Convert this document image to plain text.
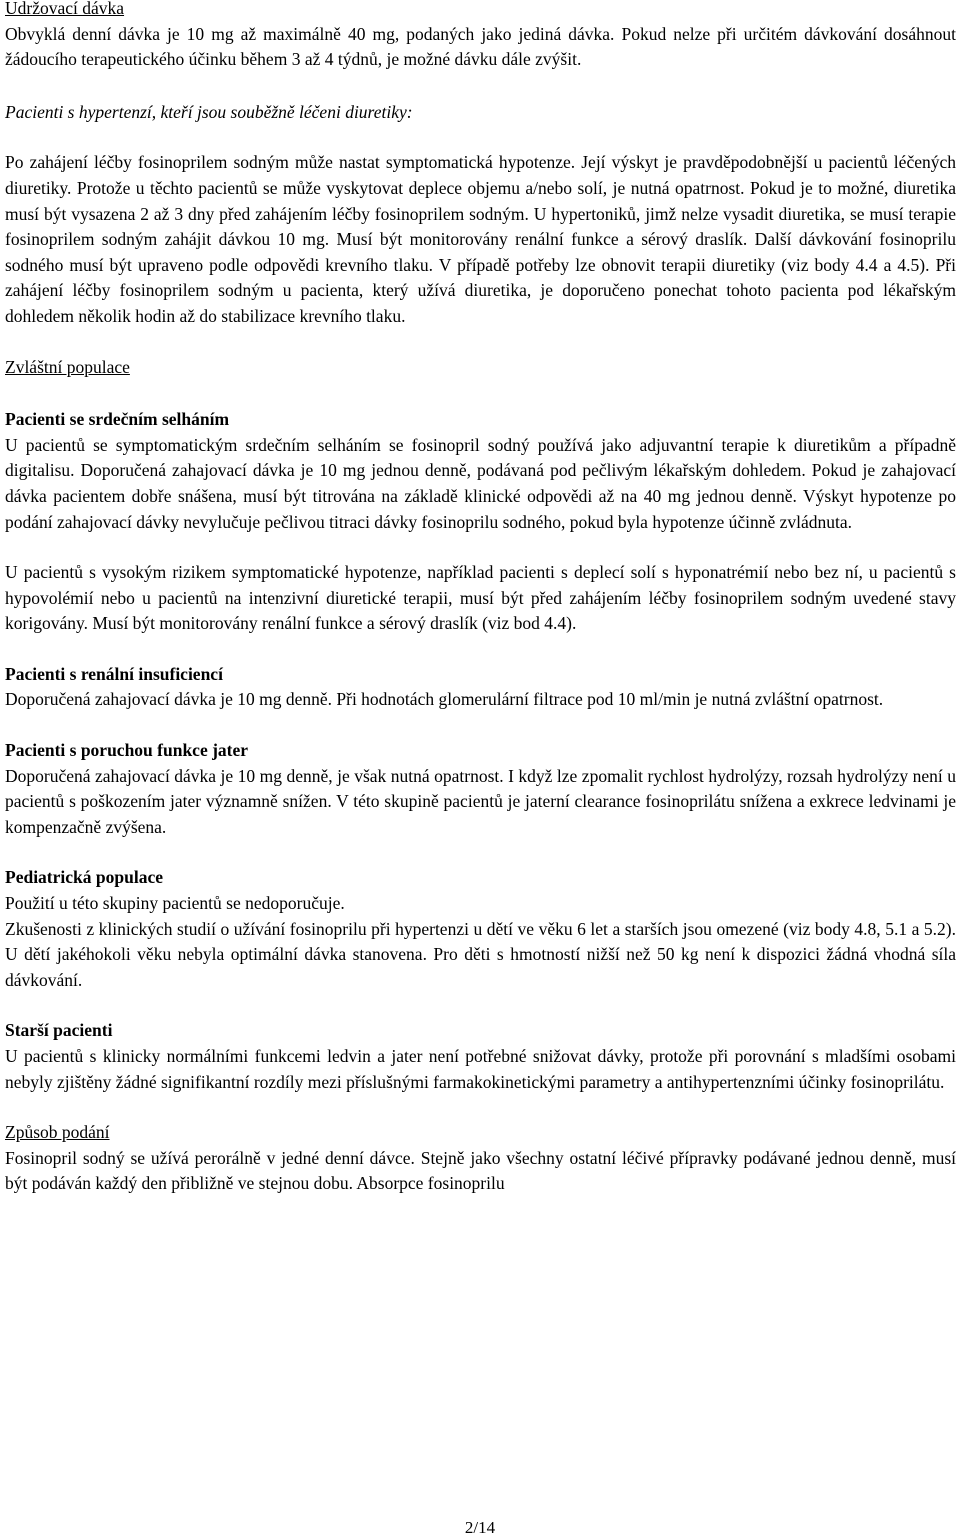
Udržovací dávka

Obvyklá denní dávka je 10 mg až maximálně 40 mg, podaných jako jediná dávka. Pokud nelze při určitém dávkování dosáhnout žádoucího terapeutického účinku během 3 až 4 týdnů, je možné dávku dále zvýšit.

Pacienti s hypertenzí, kteří jsou souběžně léčeni diuretiky:

Po zahájení léčby fosinoprilem sodným může nastat symptomatická hypotenze. Její výskyt je pravděpodobnější u pacientů léčených diuretiky. Protože u těchto pacientů se může vyskytovat deplece objemu a/nebo solí, je nutná opatrnost. Pokud je to možné, diuretika musí být vysazena 2 až 3 dny před zahájením léčby fosinoprilem sodným. U hypertoniků, jimž nelze vysadit diuretika, se musí terapie fosinoprilem sodným zahájit dávkou 10 mg. Musí být monitorovány renální funkce a sérový draslík. Další dávkování fosinoprilu sodného musí být upraveno podle odpovědi krevního tlaku. V případě potřeby lze obnovit terapii diuretiky (viz body 4.4 a 4.5). Při zahájení léčby fosinoprilem sodným u pacienta, který užívá diuretika, je doporučeno ponechat tohoto pacienta pod lékařským dohledem několik hodin až do stabilizace krevního tlaku.

Zvláštní populace

Pacienti se srdečním selháním

U pacientů se symptomatickým srdečním selháním se fosinopril sodný používá jako adjuvantní terapie k diuretikům a případně digitalisu. Doporučená zahajovací dávka je 10 mg jednou denně, podávaná pod pečlivým lékařským dohledem. Pokud je zahajovací dávka pacientem dobře snášena, musí být titrována na základě klinické odpovědi až na 40 mg jednou denně. Výskyt hypotenze po podání zahajovací dávky nevylučuje pečlivou titraci dávky fosinoprilu sodného, pokud byla hypotenze účinně zvládnuta.

U pacientů s vysokým rizikem symptomatické hypotenze, například pacienti s deplecí solí s hyponatrémií nebo bez ní, u pacientů s hypovolémií nebo u pacientů na intenzivní diuretické terapii, musí být před zahájením léčby fosinoprilem sodným uvedené stavy korigovány. Musí být monitorovány renální funkce a sérový draslík (viz bod 4.4).

Pacienti s renální insuficiencí

Doporučená zahajovací dávka je 10 mg denně. Při hodnotách glomerulární filtrace pod 10 ml/min je nutná zvláštní opatrnost.

Pacienti s poruchou funkce jater

Doporučená zahajovací dávka je 10 mg denně, je však nutná opatrnost. I když lze zpomalit rychlost hydrolýzy, rozsah hydrolýzy není u pacientů s poškozením jater významně snížen. V této skupině pacientů je jaterní clearance fosinoprilátu snížena a exkrece ledvinami je kompenzačně zvýšena.

Pediatrická populace

Použití u této skupiny pacientů se nedoporučuje.

Zkušenosti z klinických studií o užívání fosinoprilu při hypertenzi u dětí ve věku 6 let a starších jsou omezené (viz body 4.8, 5.1 a 5.2). U dětí jakéhokoli věku nebyla optimální dávka stanovena. Pro děti s hmotností nižší než 50 kg není k dispozici žádná vhodná síla dávkování.

Starší pacienti

U pacientů s klinicky normálními funkcemi ledvin a jater není potřebné snižovat dávky, protože při porovnání s mladšími osobami nebyly zjištěny žádné signifikantní rozdíly mezi příslušnými farmakokinetickými parametry a antihypertenzními účinky fosinoprilátu.

Způsob podání

Fosinopril sodný se užívá perorálně v jedné denní dávce. Stejně jako všechny ostatní léčivé přípravky podávané jednou denně, musí být podáván každý den přibližně ve stejnou dobu. Absorpce fosinoprilu

2/14
